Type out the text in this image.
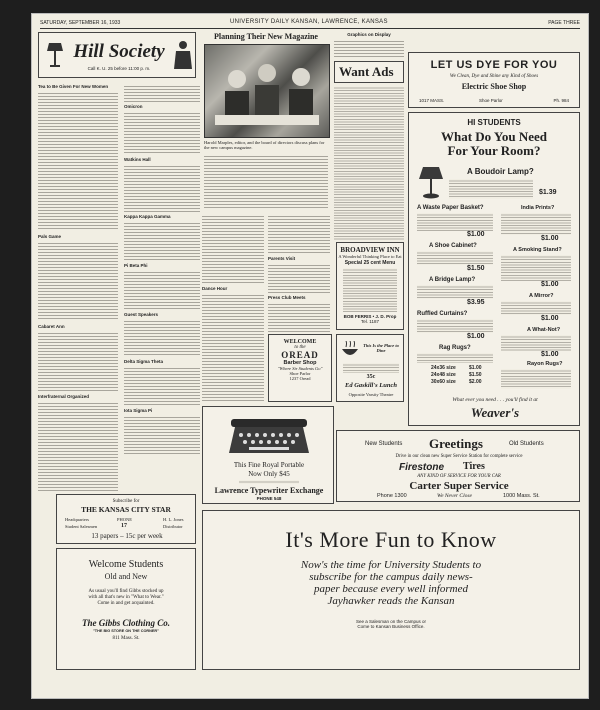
SATURDAY, SEPTEMBER 16, 1933	UNIVERSITY DAILY KANSAN, LAWRENCE, KANSAS	PAGE THREE
Hill Society
Call K. U. 25 before 11:00 p. m.
Tea to Be Given For New Women
Pals Game
Cabaret Ann
Interfraternal Organized
Omicron
Watkins Hall
Kappa Kappa Gamma
Pi Beta Phi
Guest Speakers
Delta Sigma Theta
Iota Sigma Pi
Planning Their New Magazine
Harold Marples, editor, and the board of directors discuss plans for the new campus magazine.
Dance Hour
Parents Visit
Press Club Meets
WELCOME
to the
OREAD
Barber Shop
"Where Sir Students Go"
Shoe Parlor
1237 Oread
Graphics on Display
Want Ads
BROADVIEW INN
A Wonderful Thinking Place to Eat
Special 25 cent Menu
BOB FERRIS • J. D. Prop
Tel. 1187
This Is the Place to Dine
35c
Ed Gaskill's Lunch
Opposite Varsity Theatre
LET US DYE FOR YOU
We Clean, Dye and Shine any Kind of Shoes
Electric Shoe Shop
1017 MASS.	Shoe Parlor	Ph. 984
HI STUDENTS
What Do You Need
For Your Room?
A Boudoir Lamp?
$1.39
A Waste Paper Basket?
$1.00
A Shoe Cabinet?
$1.50
A Bridge Lamp?
$3.95
Ruffled Curtains?
$1.00
Rag Rugs?
24x36 size	$1.00
24x48 size	$1.50
30x60 size	$2.00
India Prints?
$1.00
A Smoking Stand?
$1.00
A Mirror?
$1.00
A What-Not?
$1.00
Rayon Rugs?
What ever you need . . . you'll find it at
Weaver's
This Fine Royal Portable
Now Only $45
Lawrence Typewriter Exchange
PHONE 548
New Students Greetings	Old Students
Drive in our clean new Super Service Station for complete service
Firestone Tires
ANY KIND OF SERVICE FOR YOUR CAR
Carter Super Service
Phone 1300	We Never Close	1000 Mass. St.
Subscribe for
THE KANSAS CITY STAR
Headquarters	PHONE	H. L. Jones
Student Salesmen	17	Distributor
13 papers – 15c per week
Welcome Students
Old and New
As usual you'll find Gibbs stocked up
with all that's new in "What to Wear."
Come in and get acquainted.
The Gibbs Clothing Co.
"THE BIG STORE ON THE CORNER"
811 Mass. St.
It's More Fun to Know
Now's the time for University Students to
subscribe for the campus daily news-
paper because every well informed
Jayhawker reads the Kansan
See a Salesman on the Campus or
Come to Kansan Business Office.
